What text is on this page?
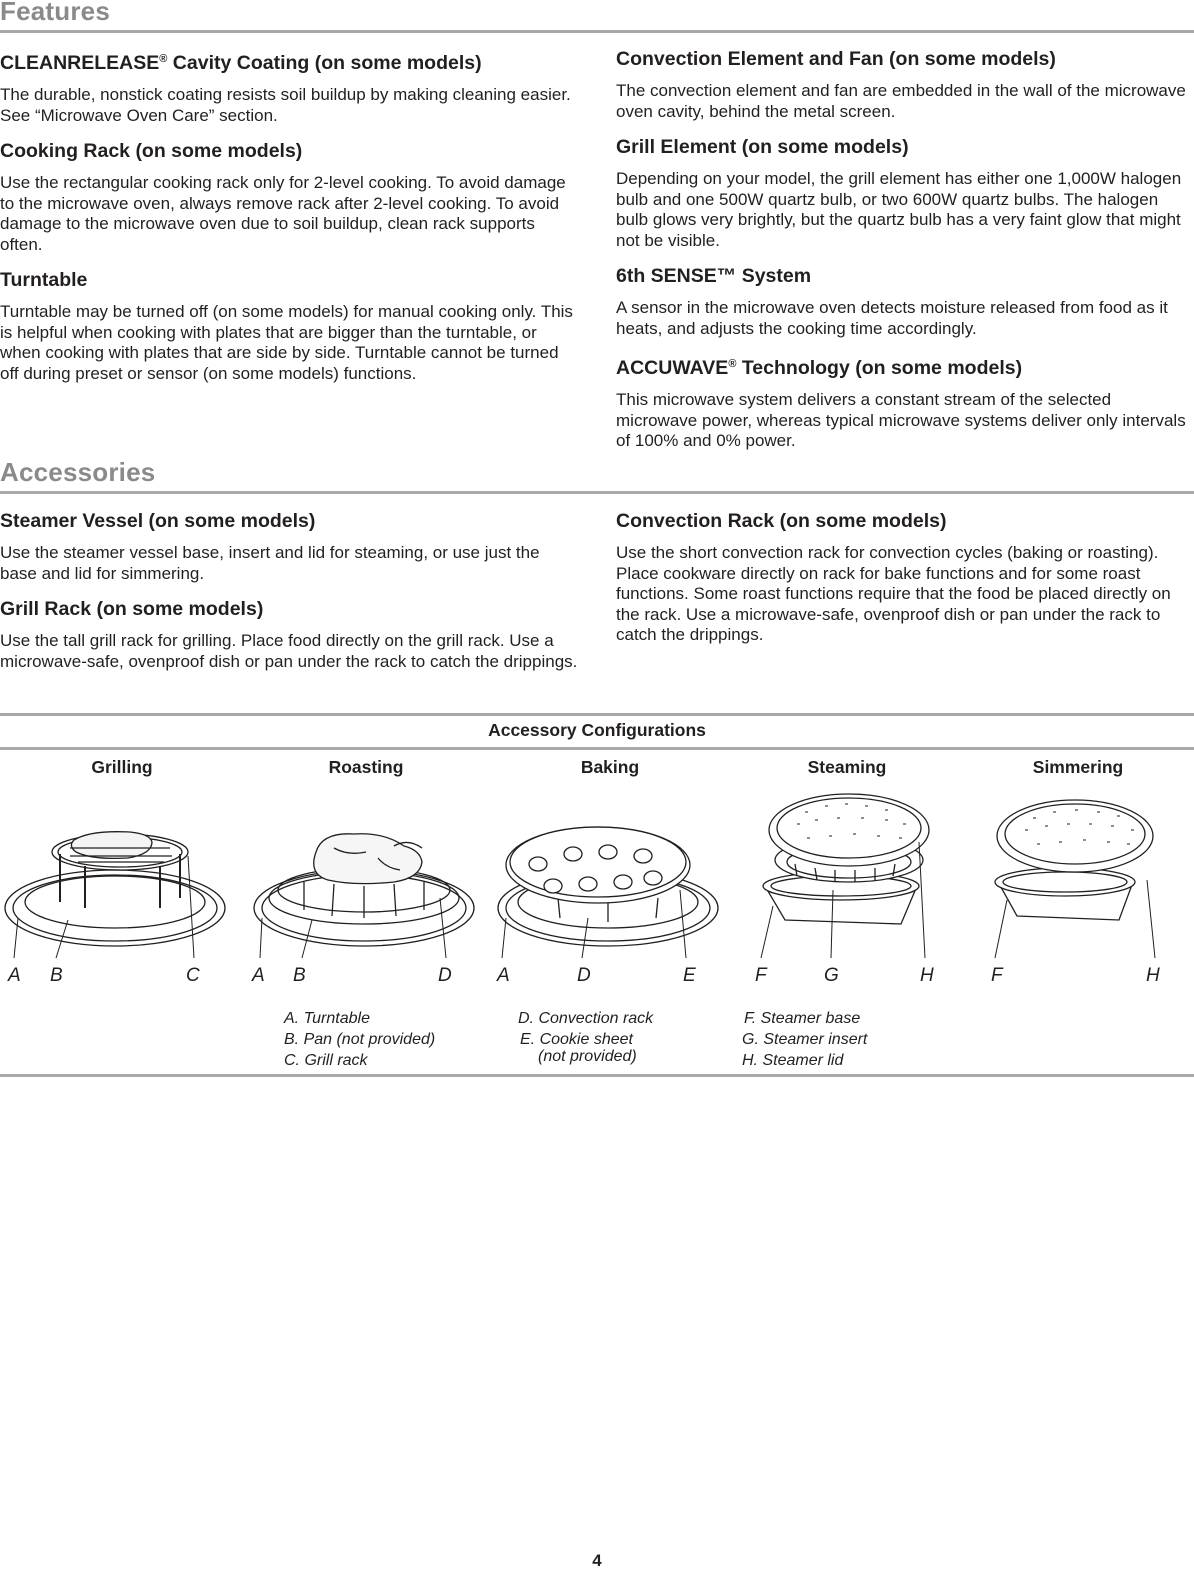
Features
CLEANRELEASE® Cavity Coating (on some models)

The durable, nonstick coating resists soil buildup by making cleaning easier. See “Microwave Oven Care” section.

Cooking Rack (on some models)

Use the rectangular cooking rack only for 2-level cooking. To avoid damage to the microwave oven, always remove rack after 2-level cooking. To avoid damage to the microwave oven due to soil buildup, clean rack supports often.

Turntable

Turntable may be turned off (on some models) for manual cooking only. This is helpful when cooking with plates that are bigger than the turntable, or when cooking with plates that are side by side. Turntable cannot be turned off during preset or sensor (on some models) functions.

Convection Element and Fan (on some models)

The convection element and fan are embedded in the wall of the microwave oven cavity, behind the metal screen.

Grill Element (on some models)

Depending on your model, the grill element has either one 1,000W halogen bulb and one 500W quartz bulb, or two 600W quartz bulbs. The halogen bulb glows very brightly, but the quartz bulb has a very faint glow that might not be visible.

6th SENSE™ System

A sensor in the microwave oven detects moisture released from food as it heats, and adjusts the cooking time accordingly.

ACCUWAVE® Technology (on some models)

This microwave system delivers a constant stream of the selected microwave power, whereas typical microwave systems deliver only intervals of 100% and 0% power.

Accessories
Steamer Vessel (on some models)

Use the steamer vessel base, insert and lid for steaming, or use just the base and lid for simmering.

Grill Rack (on some models)

Use the tall grill rack for grilling. Place food directly on the grill rack. Use a microwave-safe, ovenproof dish or pan under the rack to catch the drippings.

Convection Rack (on some models)

Use the short convection rack for convection cycles (baking or roasting). Place cookware directly on rack for bake functions and for some roast functions. Some roast functions require that the food be placed directly on the rack. Use a microwave-safe, ovenproof dish or pan under the rack to catch the drippings.

Accessory Configurations
Grilling	Roasting	Baking	Steaming	Simmering
A B	C	A B	D A	D	E	F	G	H	F	H
A. Turntable
B. Pan (not provided)
C. Grill rack
D. Convection rack
E. Cookie sheet
(not provided)
F. Steamer base
G. Steamer insert
H. Steamer lid
4
